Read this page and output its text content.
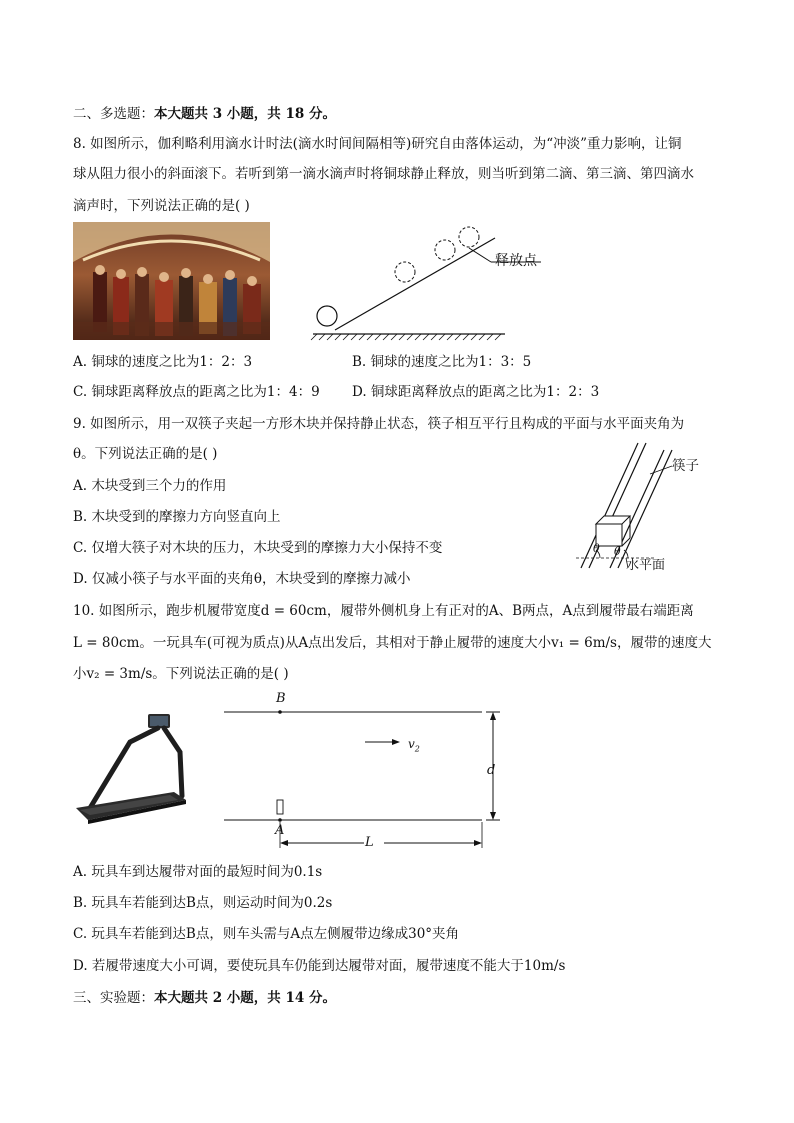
二、多选题：本大题共 3 小题，共 18 分。
8. 如图所示，伽利略利用滴水计时法(滴水时间间隔相等)研究自由落体运动，为“冲淡”重力影响，让铜
球从阻力很小的斜面滚下。若听到第一滴水滴声时将铜球静止释放，则当听到第二滴、第三滴、第四滴水
滴声时，下列说法正确的是( )
释放点
A. 铜球的速度之比为1：2：3	B. 铜球的速度之比为1：3：5
C. 铜球距离释放点的距离之比为1：4：9 D. 铜球距离释放点的距离之比为1：2：3
9. 如图所示，用一双筷子夹起一方形木块并保持静止状态，筷子相互平行且构成的平面与水平面夹角为
θ。下列说法正确的是( )
A. 木块受到三个力的作用
B. 木块受到的摩擦力方向竖直向上
C. 仅增大筷子对木块的压力，木块受到的摩擦力大小保持不变
D. 仅减小筷子与水平面的夹角θ，木块受到的摩擦力减小
筷子
θ θ
水平面
10. 如图所示，跑步机履带宽度d = 60cm，履带外侧机身上有正对的A、B两点，A点到履带最右端距离
L = 80cm。一玩具车(可视为质点)从A点出发后，其相对于静止履带的速度大小v₁ = 6m/s，履带的速度大
小v₂ = 3m/s。下列说法正确的是( )
B
A
$v_2$
d
L
A. 玩具车到达履带对面的最短时间为0.1s
B. 玩具车若能到达B点，则运动时间为0.2s
C. 玩具车若能到达B点，则车头需与A点左侧履带边缘成30°夹角
D. 若履带速度大小可调，要使玩具车仍能到达履带对面，履带速度不能大于10m/s
三、实验题：本大题共 2 小题，共 14 分。
